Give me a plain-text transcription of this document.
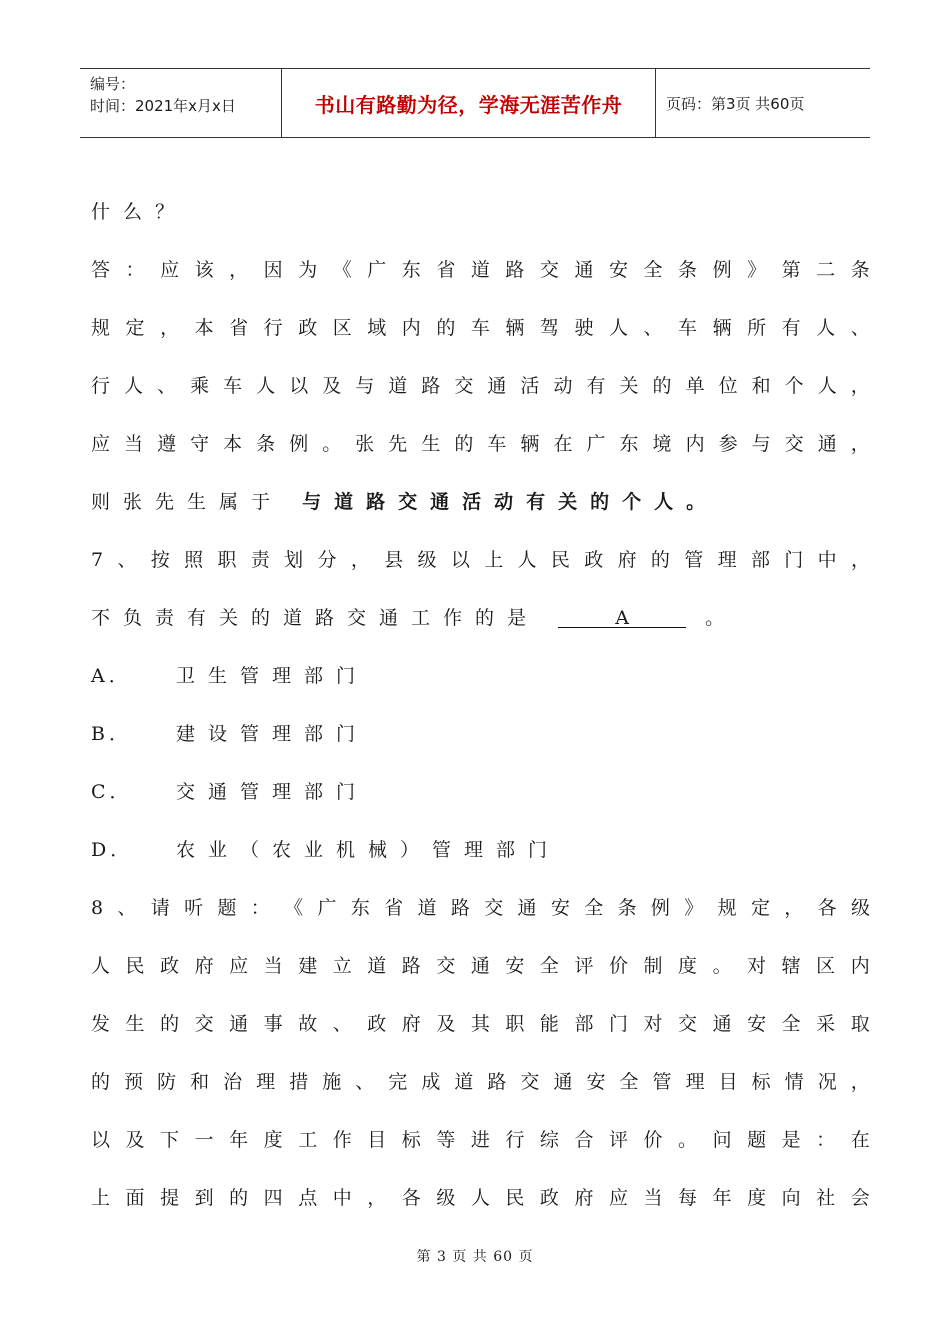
编号：
时间：2021年x月x日	书山有路勤为径，学海无涯苦作舟	页码：第3页 共60页
什么？
答 ： 应 该 ， 因 为 《 广 东 省 道 路 交 通 安 全 条 例 》 第 二 条
规 定 ， 本 省 行 政 区 域 内 的 车 辆 驾 驶 人 、 车 辆 所 有 人 、
行 人 、 乘 车 人 以 及 与 道 路 交 通 活 动 有 关 的 单 位 和 个 人 ，
应 当 遵 守 本 条 例 。 张 先 生 的 车 辆 在 广 东 境 内 参 与 交 通 ，
则张先生属于 与道路交通活动有关的个人。
7 、 按 照 职 责 划 分 ， 县 级 以 上 人 民 政 府 的 管 理 部 门 中 ，
不负责有关的道路交通工作的是	A	。
A． 卫生管理部门
B． 建设管理部门
C． 交通管理部门
D． 农业（农业机械）管理部门
8 、 请 听 题 ： 《 广 东 省 道 路 交 通 安 全 条 例 》 规 定 ， 各 级
人 民 政 府 应 当 建 立 道 路 交 通 安 全 评 价 制 度 。 对 辖 区 内
发 生 的 交 通 事 故 、 政 府 及 其 职 能 部 门 对 交 通 安 全 采 取
的 预 防 和 治 理 措 施 、 完 成 道 路 交 通 安 全 管 理 目 标 情 况 ，
以 及 下 一 年 度 工 作 目 标 等 进 行 综 合 评 价 。 问 题 是 ： 在
上 面 提 到 的 四 点 中 ， 各 级 人 民 政 府 应 当 每 年 度 向 社 会
第 3 页 共 60 页
